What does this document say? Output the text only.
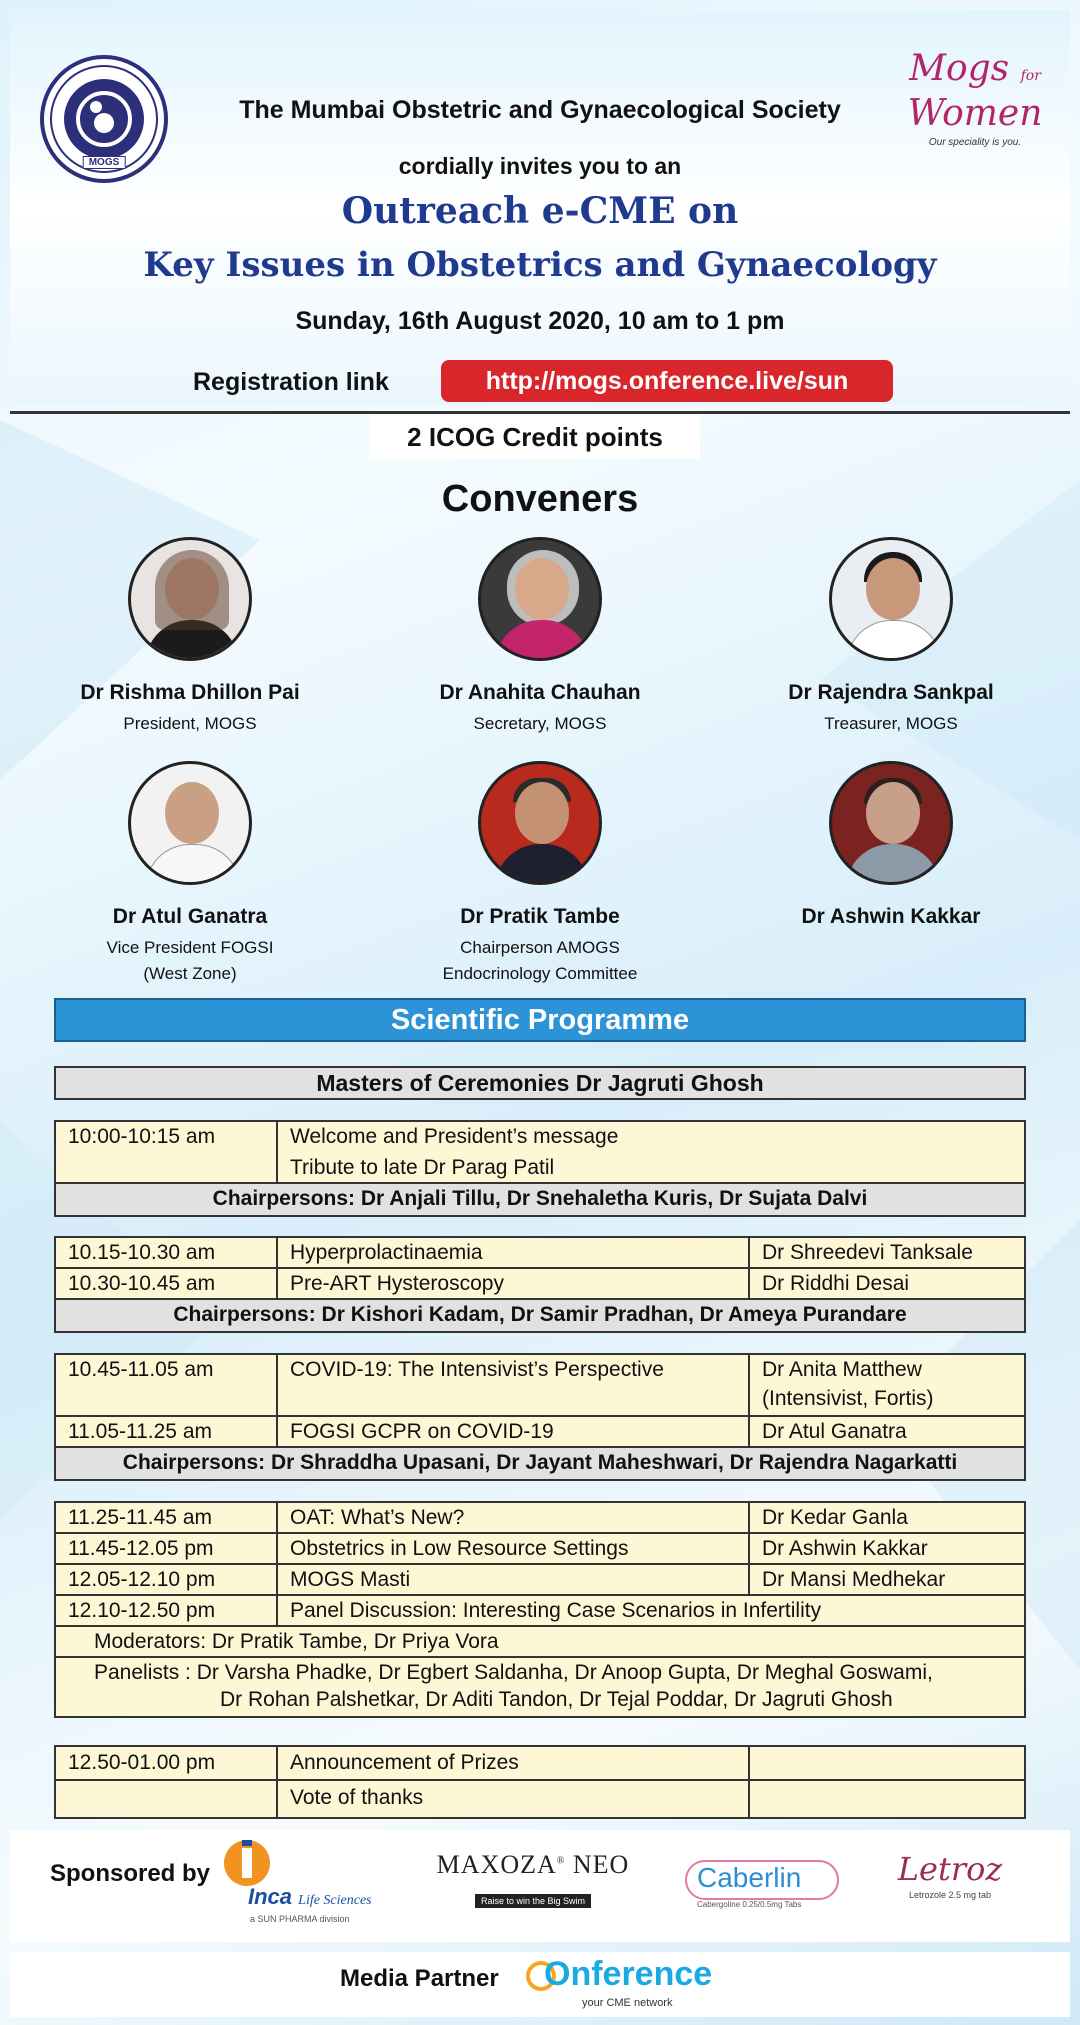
MOGS
Mogs for
Women
Our speciality is you.
The Mumbai Obstetric and Gynaecological Society
cordially invites you to an
Outreach e-CME on
Key Issues in Obstetrics and Gynaecology
Sunday, 16th August 2020, 10 am to 1 pm
Registration link	http://mogs.onference.live/sun
2 ICOG Credit points
Conveners
Dr Rishma Dhillon Pai
President, MOGS
Dr Anahita Chauhan
Secretary, MOGS
Dr Rajendra Sankpal
Treasurer, MOGS
Dr Atul Ganatra
Vice President FOGSI
(West Zone)
Dr Pratik Tambe
Chairperson AMOGS
Endocrinology Committee
Dr Ashwin Kakkar
Scientific Programme
Masters of Ceremonies Dr Jagruti Ghosh
10:00-10:15 am	Welcome and President’s message
Tribute to late Dr Parag Patil
Chairpersons: Dr Anjali Tillu, Dr Snehaletha Kuris, Dr Sujata Dalvi
10.15-10.30 am	Hyperprolactinaemia	Dr Shreedevi Tanksale
10.30-10.45 am	Pre-ART Hysteroscopy	Dr Riddhi Desai
Chairpersons: Dr Kishori Kadam, Dr Samir Pradhan, Dr Ameya Purandare
10.45-11.05 am	COVID-19: The Intensivist’s Perspective	Dr Anita Matthew
(Intensivist, Fortis)
11.05-11.25 am	FOGSI GCPR on COVID-19	Dr Atul Ganatra
Chairpersons: Dr Shraddha Upasani, Dr Jayant Maheshwari, Dr Rajendra Nagarkatti
11.25-11.45 am	OAT: What’s New?	Dr Kedar Ganla
11.45-12.05 pm	Obstetrics in Low Resource Settings	Dr Ashwin Kakkar
12.05-12.10 pm	MOGS Masti	Dr Mansi Medhekar
12.10-12.50 pm	Panel Discussion: Interesting Case Scenarios in Infertility
Moderators: Dr Pratik Tambe, Dr Priya Vora
Panelists : Dr Varsha Phadke, Dr Egbert Saldanha, Dr Anoop Gupta, Dr Meghal Goswami,
Dr Rohan Palshetkar, Dr Aditi Tandon, Dr Tejal Poddar, Dr Jagruti Ghosh
12.50-01.00 pm	Announcement of Prizes
Vote of thanks
Sponsored by
Inca Life Sciences
a SUN PHARMA division
MAXOZA® NEO
Raise to win the Big Swim
Caberlin
Cabergoline 0.25/0.5mg Tabs
Letroz
Letrozole 2.5 mg tab
Media Partner Onference
your CME network
